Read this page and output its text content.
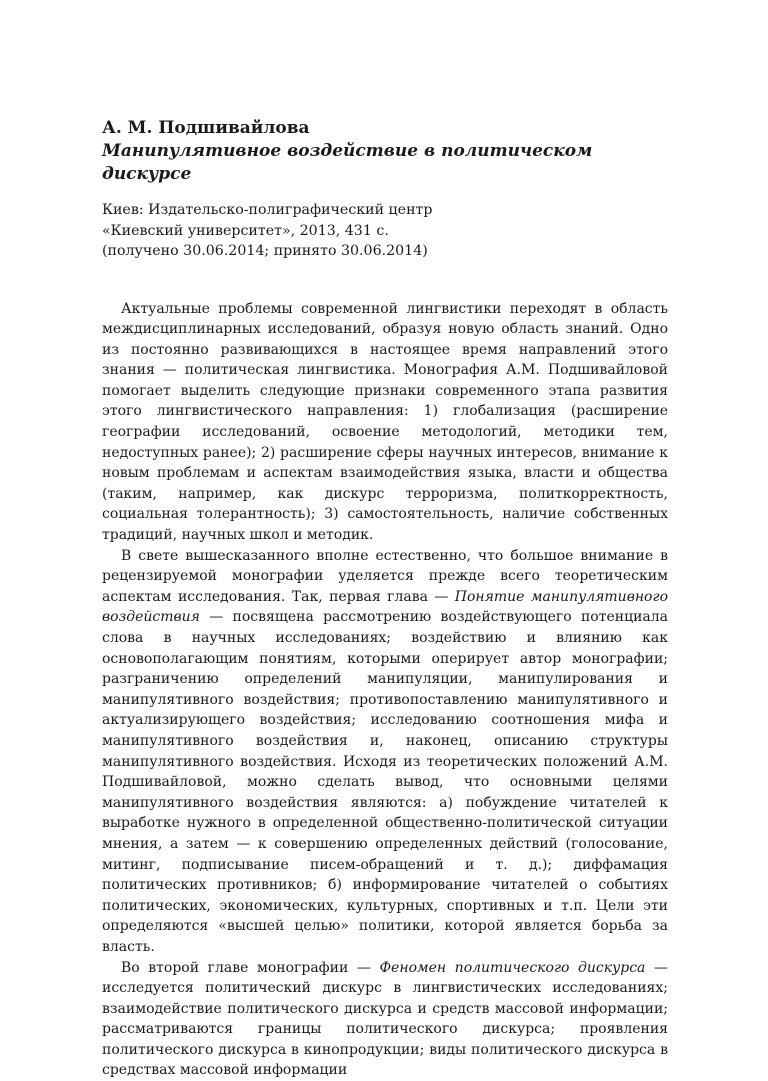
А. М. Подшивайлова

Манипулятивное воздействие в политическом дискурсе

Киев: Издательско-полиграфический центр
«Киевский университет», 2013, 431 с.
(получено 30.06.2014; принято 30.06.2014)

Актуальные проблемы современной лингвистики переходят в область междисциплинарных исследований, образуя новую область знаний. Одно из постоянно развивающихся в настоящее время направлений этого знания — политическая лингвистика. Монография А.М. Подшивайловой помогает выделить следующие признаки современного этапа развития этого лингвистического направления: 1) глобализация (расширение географии исследований, освоение методологий, методики тем, недоступных ранее); 2) расширение сферы научных интересов, внимание к новым проблемам и аспектам взаимодействия языка, власти и общества (таким, например, как дискурс терроризма, политкорректность, социальная толерантность); 3) самостоятельность, наличие собственных традиций, научных школ и методик.

В свете вышесказанного вполне естественно, что большое внимание в рецензируемой монографии уделяется прежде всего теоретическим аспектам исследования. Так, первая глава — Понятие манипулятивного воздействия — посвящена рассмотрению воздействующего потенциала слова в научных исследованиях; воздействию и влиянию как основополагающим понятиям, которыми оперирует автор монографии; разграничению определений манипуляции, манипулирования и манипулятивного воздействия; противопоставлению манипулятивного и актуализирующего воздействия; исследованию соотношения мифа и манипулятивного воздействия и, наконец, описанию структуры манипулятивного воздействия. Исходя из теоретических положений А.М. Подшивайловой, можно сделать вывод, что основными целями манипулятивного воздействия являются: а) побуждение читателей к выработке нужного в определенной общественно-политической ситуации мнения, а затем — к совершению определенных действий (голосование, митинг, подписывание писем-обращений и т. д.); диффамация политических противников; б) информирование читателей о событиях политических, экономических, культурных, спортивных и т.п. Цели эти определяются «высшей целью» политики, которой является борьба за власть.

Во второй главе монографии — Феномен политического дискурса — исследуется политический дискурс в лингвистических исследованиях; взаимодействие политического дискурса и средств массовой информации; рассматриваются границы политического дискурса; проявления политического дискурса в кинопродукции; виды политического дискурса в средствах массовой информации
